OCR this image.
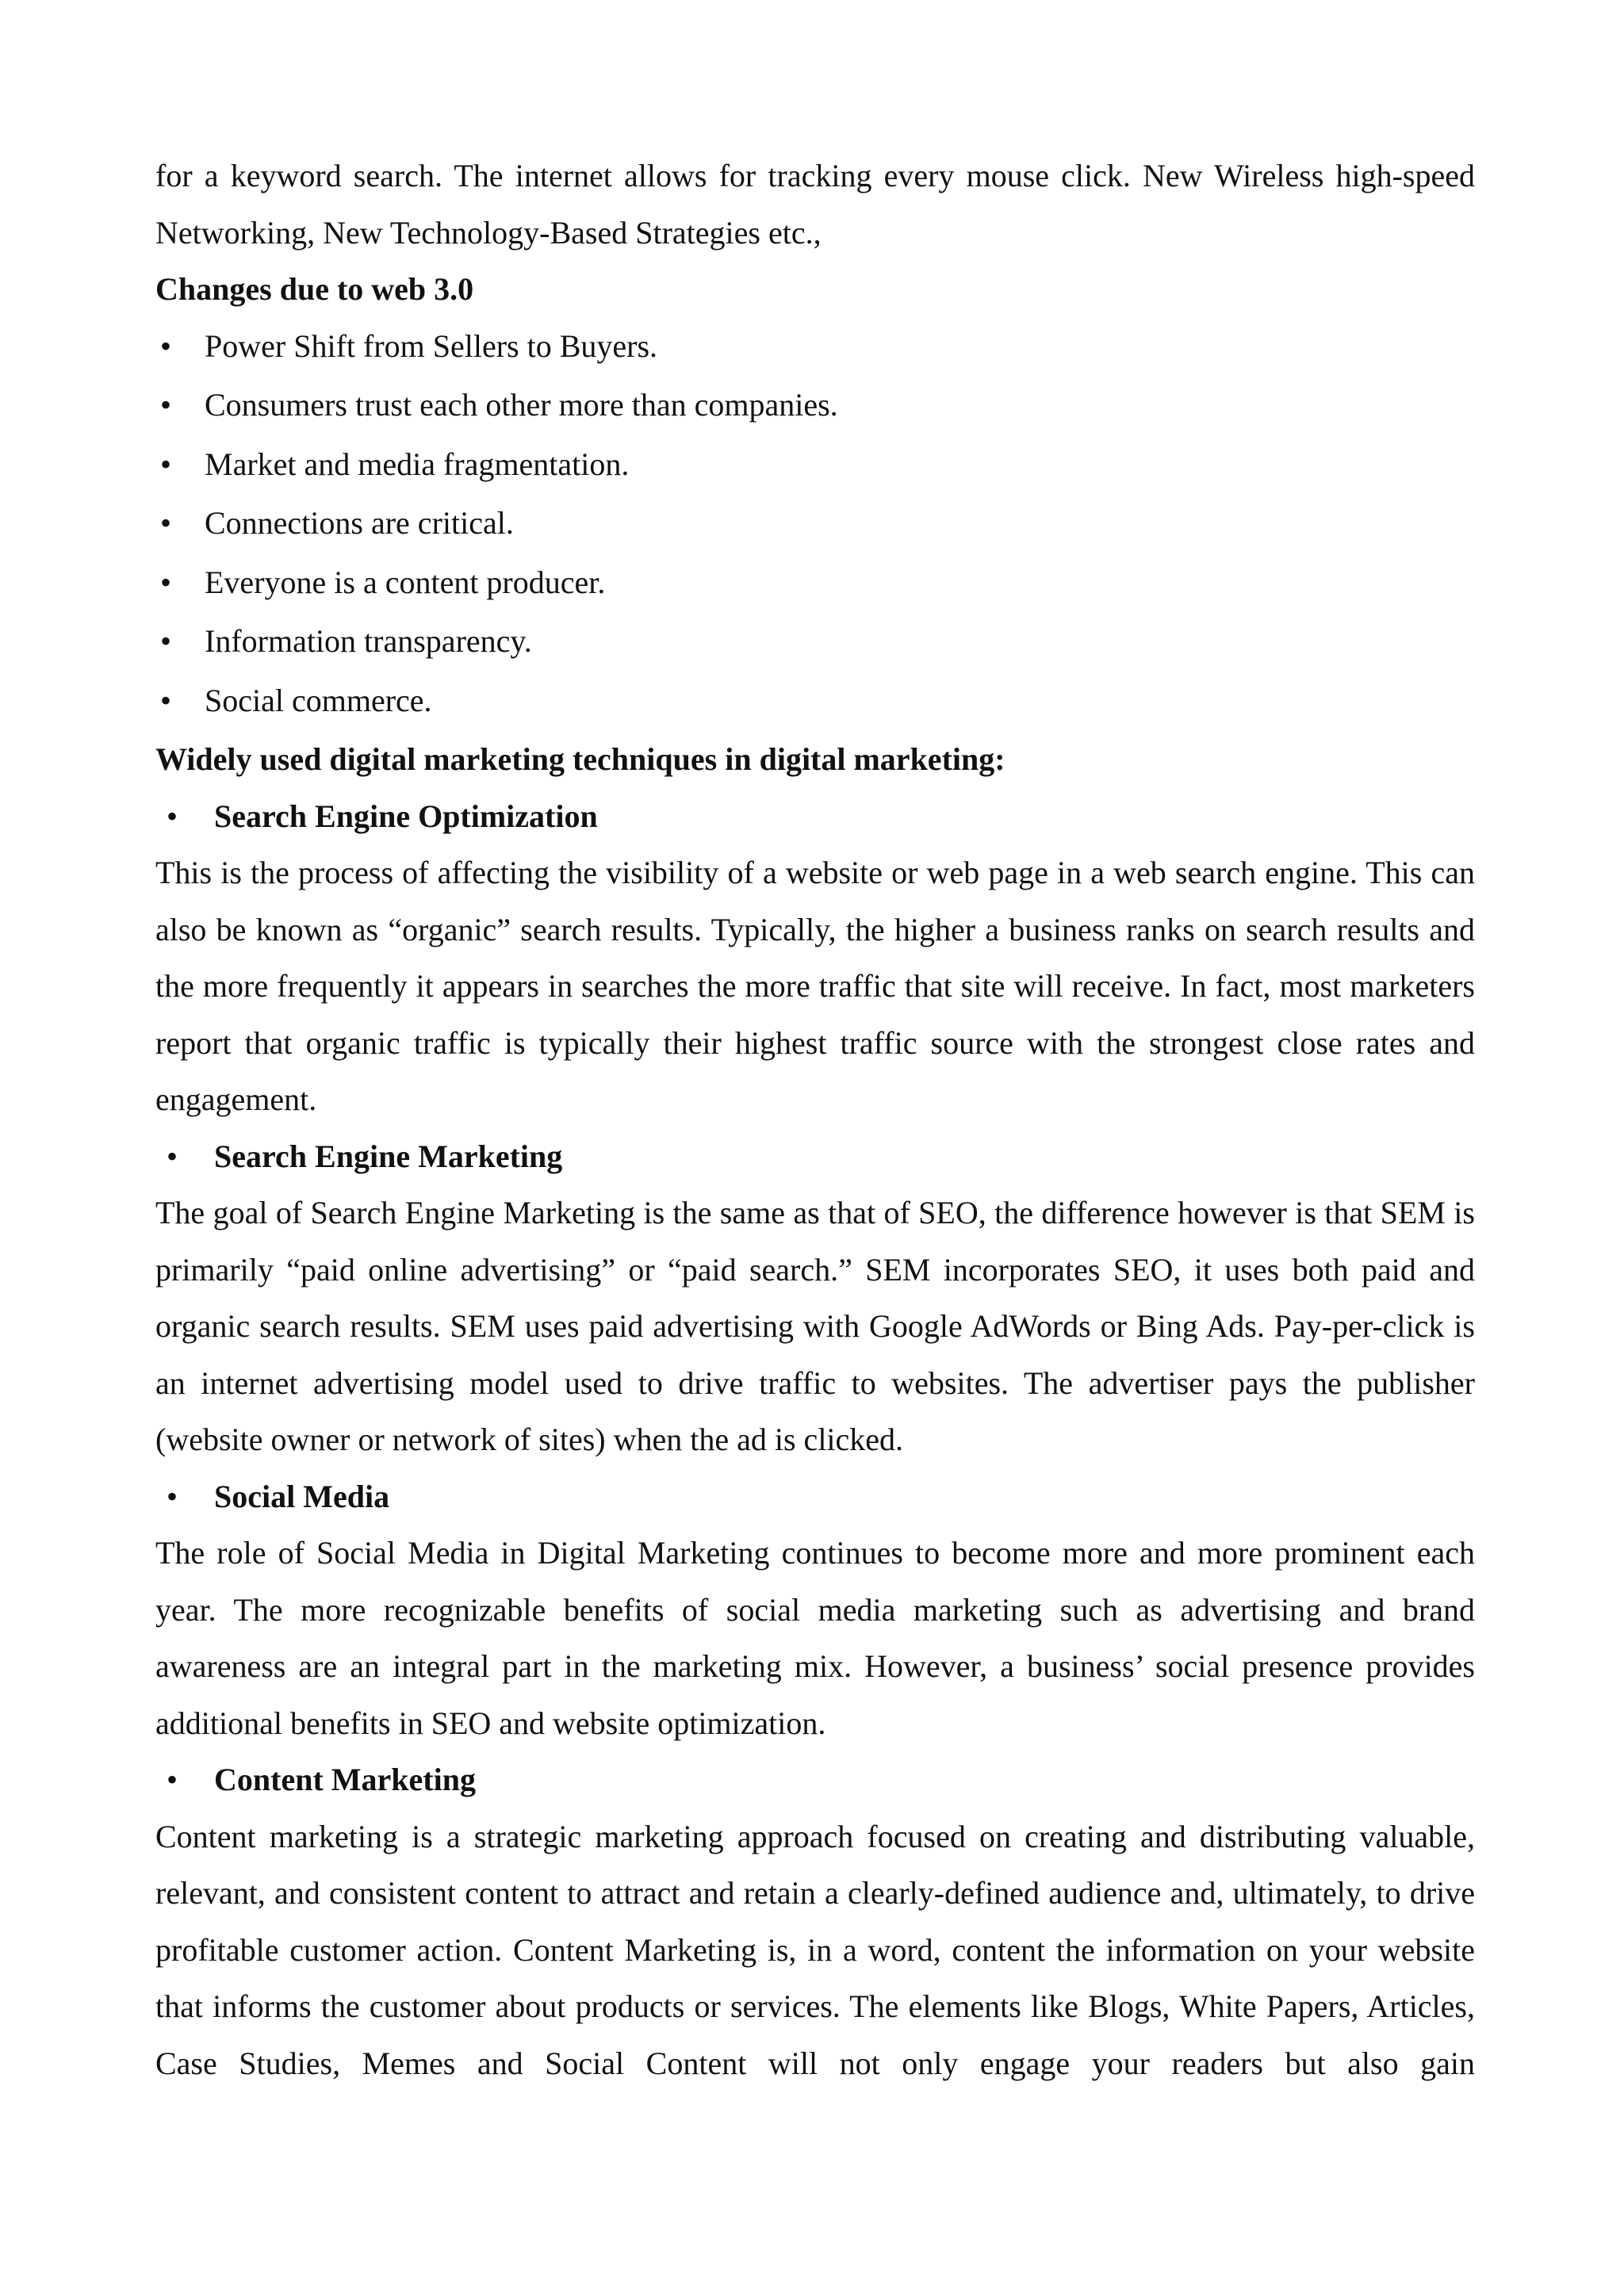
for a keyword search. The internet allows for tracking every mouse click. New Wireless high-speed Networking, New Technology-Based Strategies etc.,

Changes due to web 3.0
• Power Shift from Sellers to Buyers.
• Consumers trust each other more than companies.
• Market and media fragmentation.
• Connections are critical.
• Everyone is a content producer.
• Information transparency.
• Social commerce.
Widely used digital marketing techniques in digital marketing:
• Search Engine Optimization

This is the process of affecting the visibility of a website or web page in a web search engine. This can also be known as “organic” search results. Typically, the higher a business ranks on search results and the more frequently it appears in searches the more traffic that site will receive. In fact, most marketers report that organic traffic is typically their highest traffic source with the strongest close rates and engagement.

• Search Engine Marketing

The goal of Search Engine Marketing is the same as that of SEO, the difference however is that SEM is primarily “paid online advertising” or “paid search.” SEM incorporates SEO, it uses both paid and organic search results. SEM uses paid advertising with Google AdWords or Bing Ads. Pay-per-click is an internet advertising model used to drive traffic to websites. The advertiser pays the publisher (website owner or network of sites) when the ad is clicked.

• Social Media

The role of Social Media in Digital Marketing continues to become more and more prominent each year. The more recognizable benefits of social media marketing such as advertising and brand awareness are an integral part in the marketing mix. However, a business’ social presence provides additional benefits in SEO and website optimization.

• Content Marketing

Content marketing is a strategic marketing approach focused on creating and distributing valuable, relevant, and consistent content to attract and retain a clearly-defined audience and, ultimately, to drive profitable customer action. Content Marketing is, in a word, content the information on your website that informs the customer about products or services. The elements like Blogs, White Papers, Articles, Case Studies, Memes and Social Content will not only engage your readers but also gain
